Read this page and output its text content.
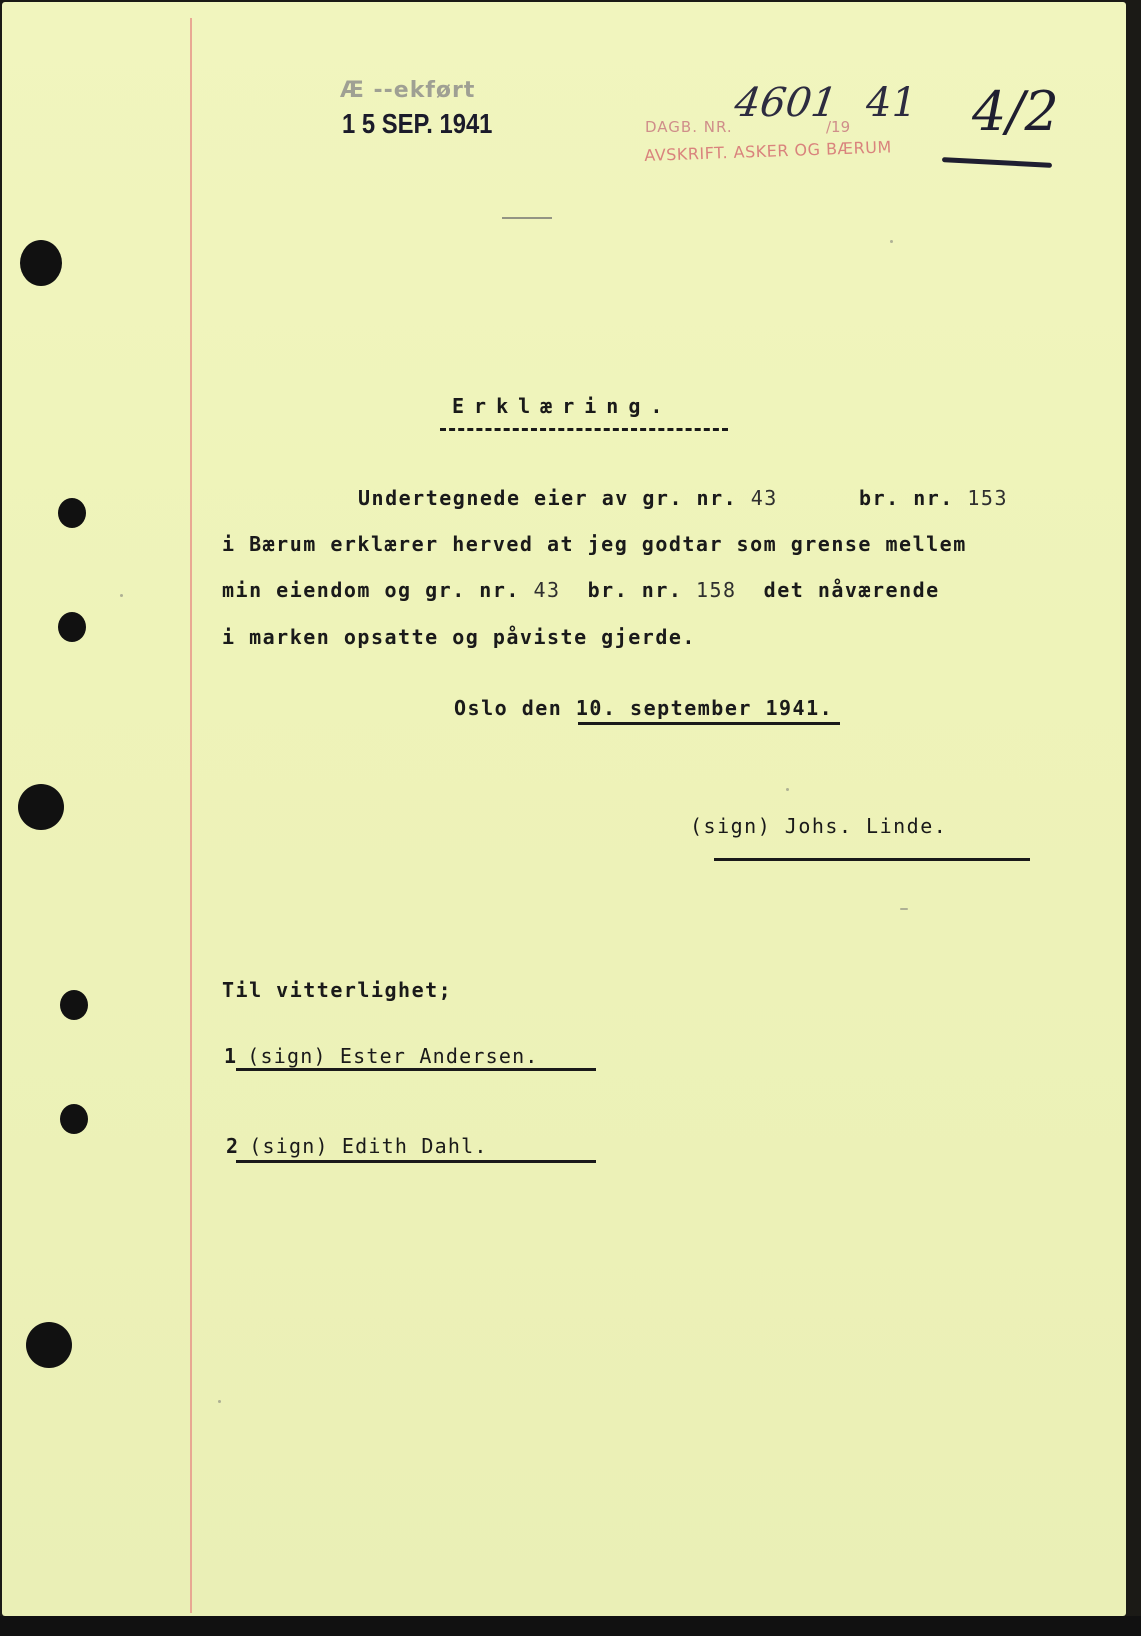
Æ ‑‑ekført
1 5 SEP. 1941	DAGB. NR.
4601
/19
41
AVSKRIFT. ASKER OG BÆRUM
4/2
Erklæring.
Undertegnede eier av gr. nr. 43      br. nr. 153
i Bærum erklærer herved at jeg godtar som grense mellem
min eiendom og gr. nr. 43  br. nr. 158  det nåværende
i marken opsatte og påviste gjerde.
Oslo den 10. september 1941.
(sign) Johs. Linde.
Til vitterlighet;
1 (sign) Ester Andersen.
2 (sign) Edith Dahl.
